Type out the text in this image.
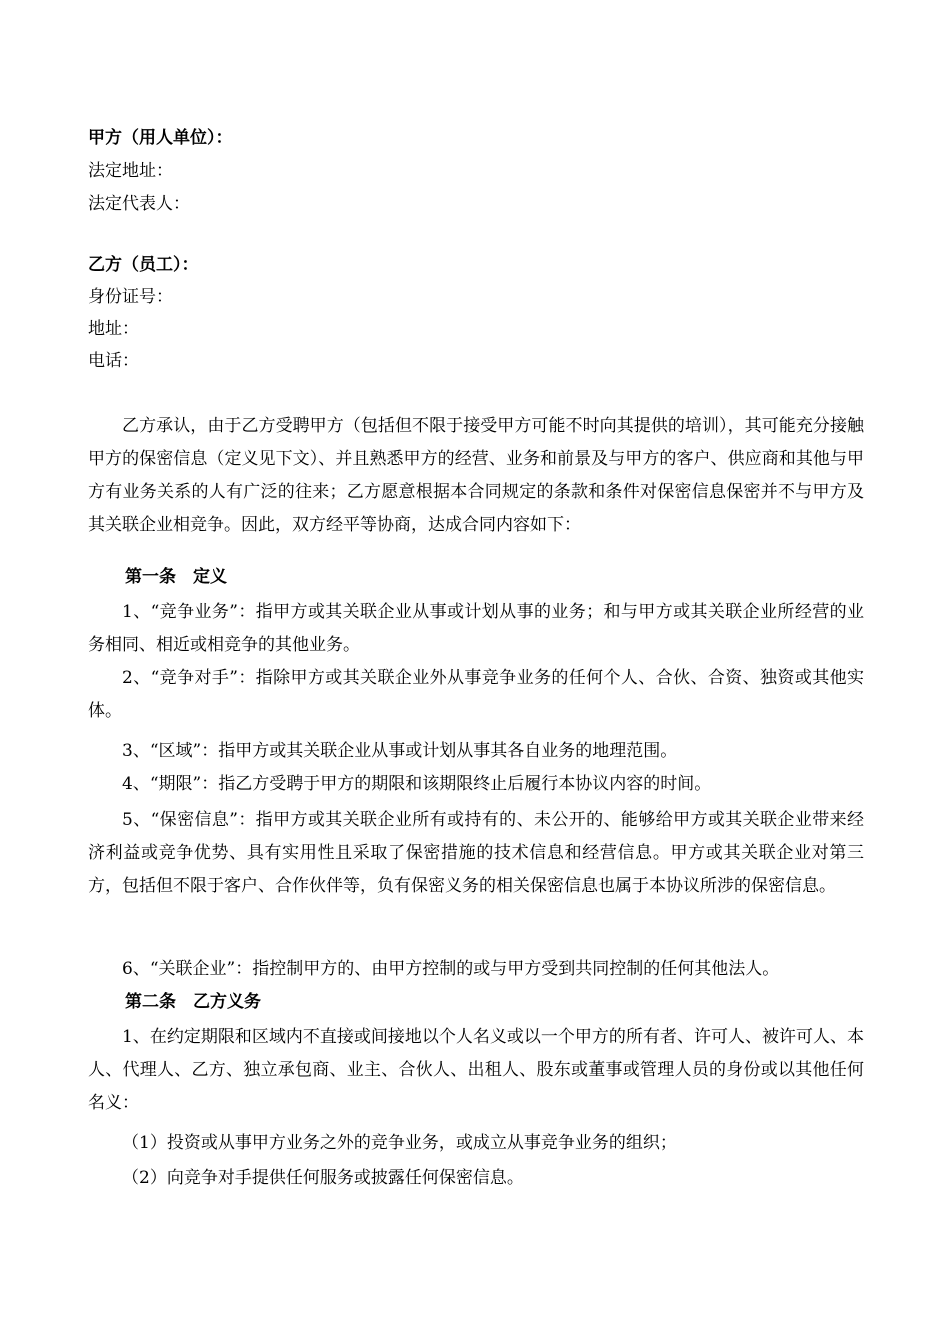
甲方（用人单位）：
法定地址：
法定代表人：
乙方（员工）：
身份证号：
地址：
电话：

乙方承认，由于乙方受聘甲方（包括但不限于接受甲方可能不时向其提供的培训），其可能充分接触甲方的保密信息（定义见下文）、并且熟悉甲方的经营、业务和前景及与甲方的客户、供应商和其他与甲方有业务关系的人有广泛的往来；乙方愿意根据本合同规定的条款和条件对保密信息保密并不与甲方及其关联企业相竞争。因此，双方经平等协商，达成合同内容如下：

第一条　定义

1、“竞争业务”：指甲方或其关联企业从事或计划从事的业务；和与甲方或其关联企业所经营的业务相同、相近或相竞争的其他业务。

2、“竞争对手”：指除甲方或其关联企业外从事竞争业务的任何个人、合伙、合资、独资或其他实体。

3、“区域”：指甲方或其关联企业从事或计划从事其各自业务的地理范围。

4、“期限”：指乙方受聘于甲方的期限和该期限终止后履行本协议内容的时间。

5、“保密信息”：指甲方或其关联企业所有或持有的、未公开的、能够给甲方或其关联企业带来经济利益或竞争优势、具有实用性且采取了保密措施的技术信息和经营信息。甲方或其关联企业对第三方，包括但不限于客户、合作伙伴等，负有保密义务的相关保密信息也属于本协议所涉的保密信息。

6、“关联企业”：指控制甲方的、由甲方控制的或与甲方受到共同控制的任何其他法人。

第二条　乙方义务

1、在约定期限和区域内不直接或间接地以个人名义或以一个甲方的所有者、许可人、被许可人、本人、代理人、乙方、独立承包商、业主、合伙人、出租人、股东或董事或管理人员的身份或以其他任何名义：

（1）投资或从事甲方业务之外的竞争业务，或成立从事竞争业务的组织；
（2）向竞争对手提供任何服务或披露任何保密信息。
